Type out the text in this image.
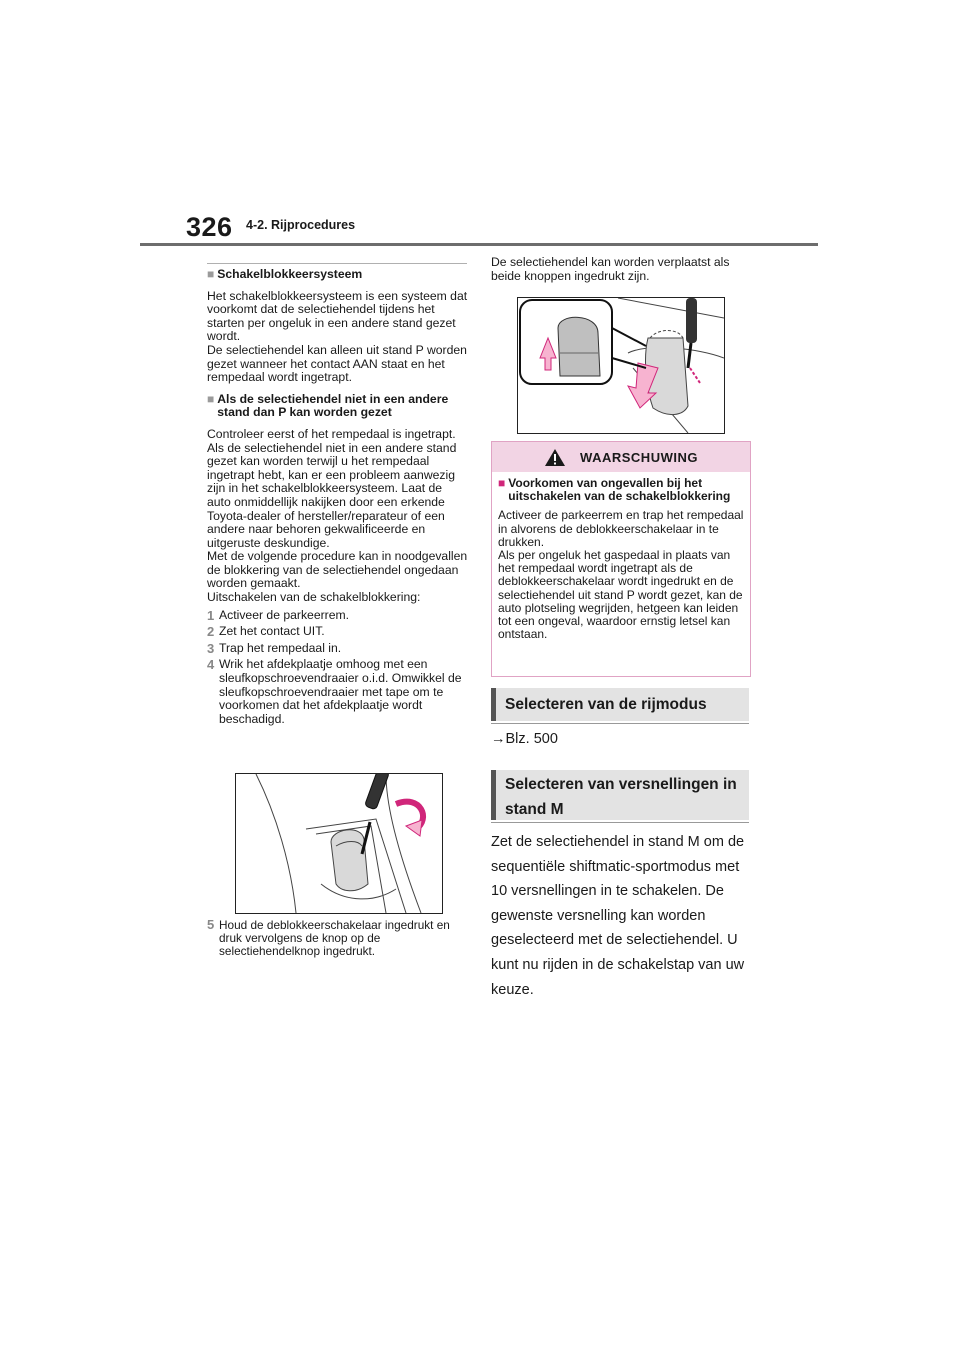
326 4-2. Rijprocedures
■ Schakelblokkeersysteem

Het schakelblokkeersysteem is een systeem dat voorkomt dat de selectiehendel tijdens het starten per ongeluk in een andere stand gezet wordt.

De selectiehendel kan alleen uit stand P worden gezet wanneer het contact AAN staat en het rempedaal wordt ingetrapt.

■ Als de selectiehendel niet in een andere stand dan P kan worden gezet

Controleer eerst of het rempedaal is ingetrapt.

Als de selectiehendel niet in een andere stand gezet kan worden terwijl u het rempedaal ingetrapt hebt, kan er een probleem aanwezig zijn in het schakelblokkeersysteem. Laat de auto onmiddellijk nakijken door een erkende Toyota-dealer of hersteller/reparateur of een andere naar behoren gekwalificeerde en uitgeruste deskundige.

Met de volgende procedure kan in noodgevallen de blokkering van de selectiehendel ongedaan worden gemaakt.

Uitschakelen van de schakelblokkering:

1 Activeer de parkeerrem.
2 Zet het contact UIT.
3 Trap het rempedaal in.
4 Wrik het afdekplaatje omhoog met een sleufkopschroevendraaier o.i.d. Omwikkel de sleufkopschroevendraaier met tape om te voorkomen dat het afdekplaatje wordt beschadigd.
5 Houd de deblokkeerschakelaar ingedrukt en druk vervolgens de knop op de selectiehendelknop ingedrukt.

De selectiehendel kan worden verplaatst als beide knoppen ingedrukt zijn.

WAARSCHUWING
■ Voorkomen van ongevallen bij het uitschakelen van de schakelblokkering

Activeer de parkeerrem en trap het rempedaal in alvorens de deblokkeerschakelaar in te drukken.

Als per ongeluk het gaspedaal in plaats van het rempedaal wordt ingetrapt als de deblokkeerschakelaar wordt ingedrukt en de selectiehendel uit stand P wordt gezet, kan de auto plotseling wegrijden, hetgeen kan leiden tot een ongeval, waardoor ernstig letsel kan ontstaan.

Selecteren van de rijmodus
→Blz. 500
Selecteren van versnellingen in stand M
Zet de selectiehendel in stand M om de sequentiële shiftmatic-sportmodus met 10 versnellingen in te schakelen. De gewenste versnelling kan worden geselecteerd met de selectiehendel. U kunt nu rijden in de schakelstap van uw keuze.
